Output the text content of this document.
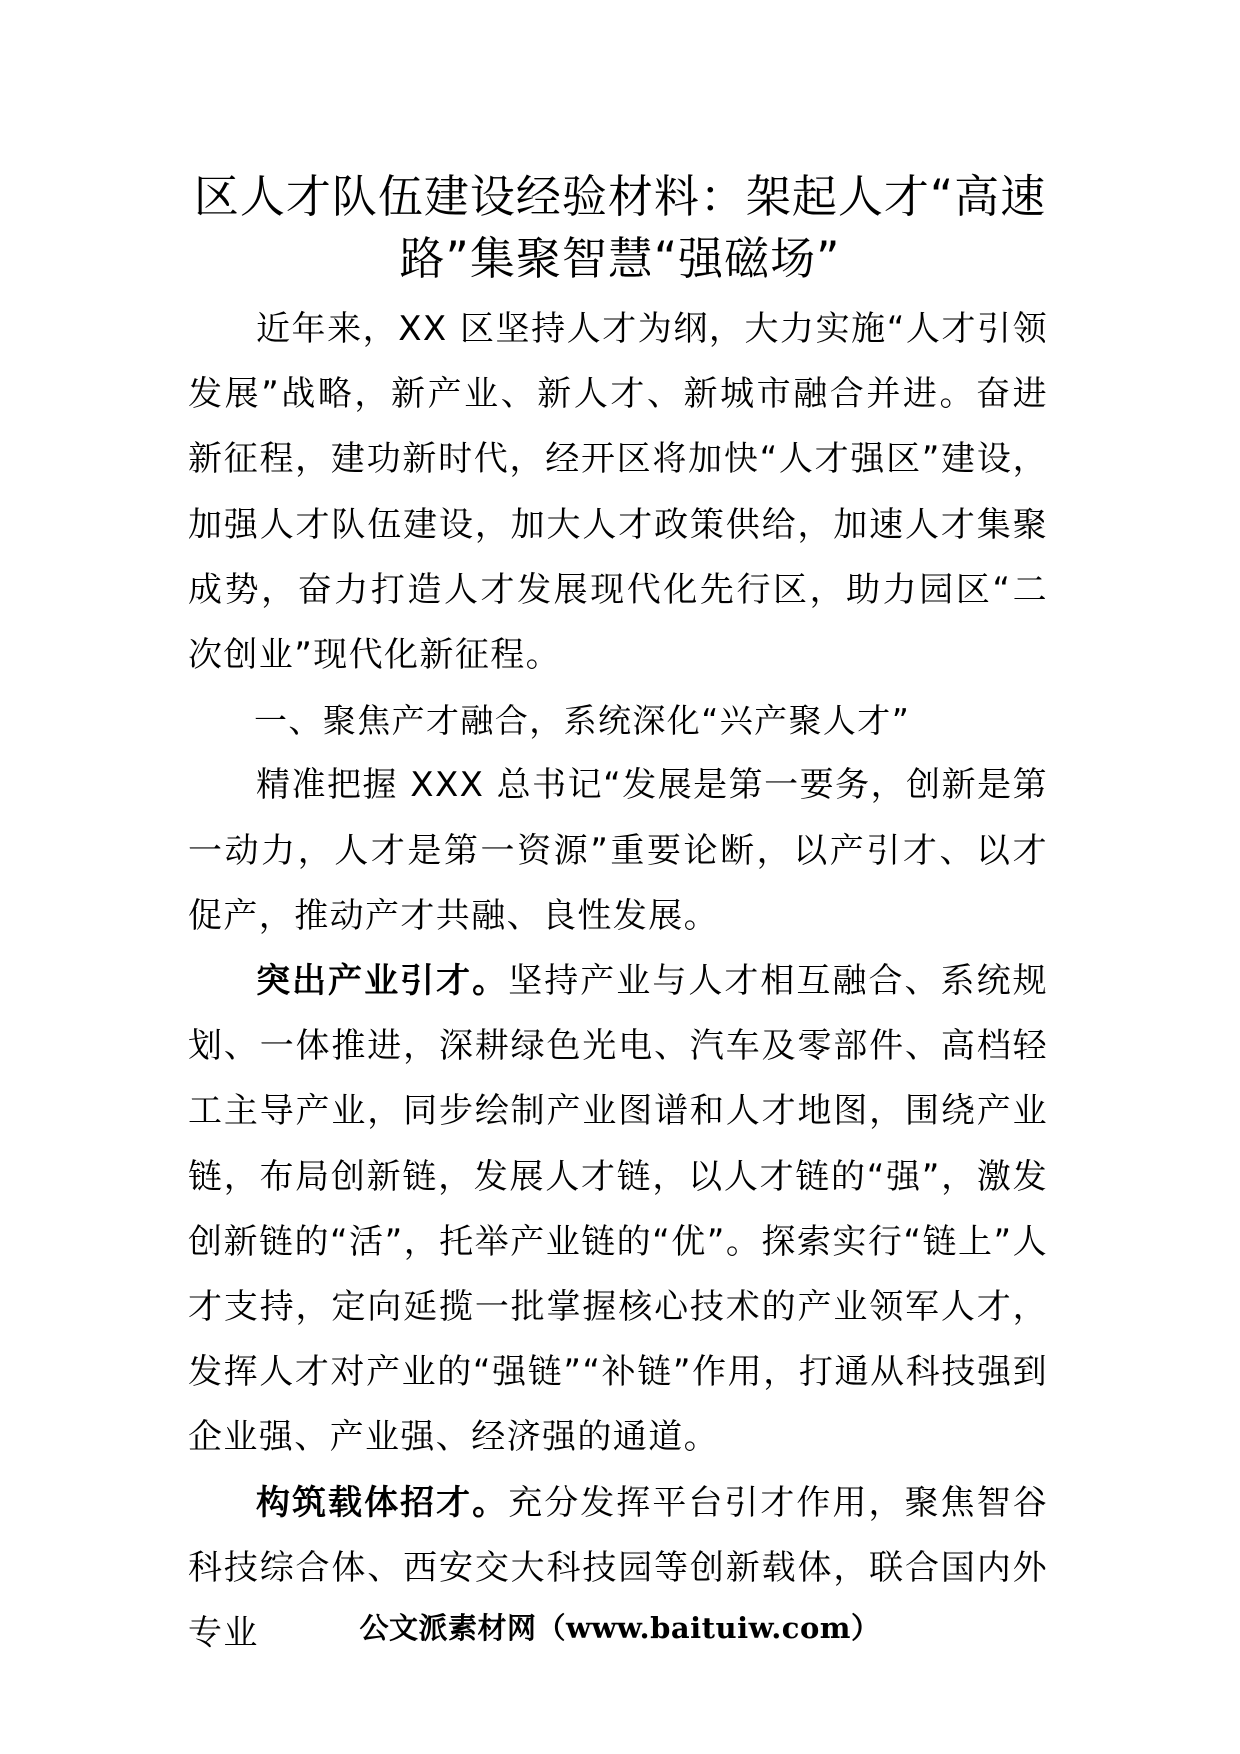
区人才队伍建设经验材料：架起人才“高速路”集聚智慧“强磁场”

近年来，XX 区坚持人才为纲，大力实施“人才引领发展”战略，新产业、新人才、新城市融合并进。奋进新征程，建功新时代，经开区将加快“人才强区”建设，加强人才队伍建设，加大人才政策供给，加速人才集聚成势，奋力打造人才发展现代化先行区，助力园区“二次创业”现代化新征程。

一、聚焦产才融合，系统深化“兴产聚人才”

精准把握 XXX 总书记“发展是第一要务，创新是第一动力，人才是第一资源”重要论断，以产引才、以才促产，推动产才共融、良性发展。

突出产业引才。坚持产业与人才相互融合、系统规划、一体推进，深耕绿色光电、汽车及零部件、高档轻工主导产业，同步绘制产业图谱和人才地图，围绕产业链，布局创新链，发展人才链，以人才链的“强”，激发创新链的“活”，托举产业链的“优”。探索实行“链上”人才支持，定向延揽一批掌握核心技术的产业领军人才，发挥人才对产业的“强链”“补链”作用，打通从科技强到企业强、产业强、经济强的通道。

构筑载体招才。充分发挥平台引才作用，聚焦智谷科技综合体、西安交大科技园等创新载体，联合国内外专业	公文派素材网（www.baituiw.com）
